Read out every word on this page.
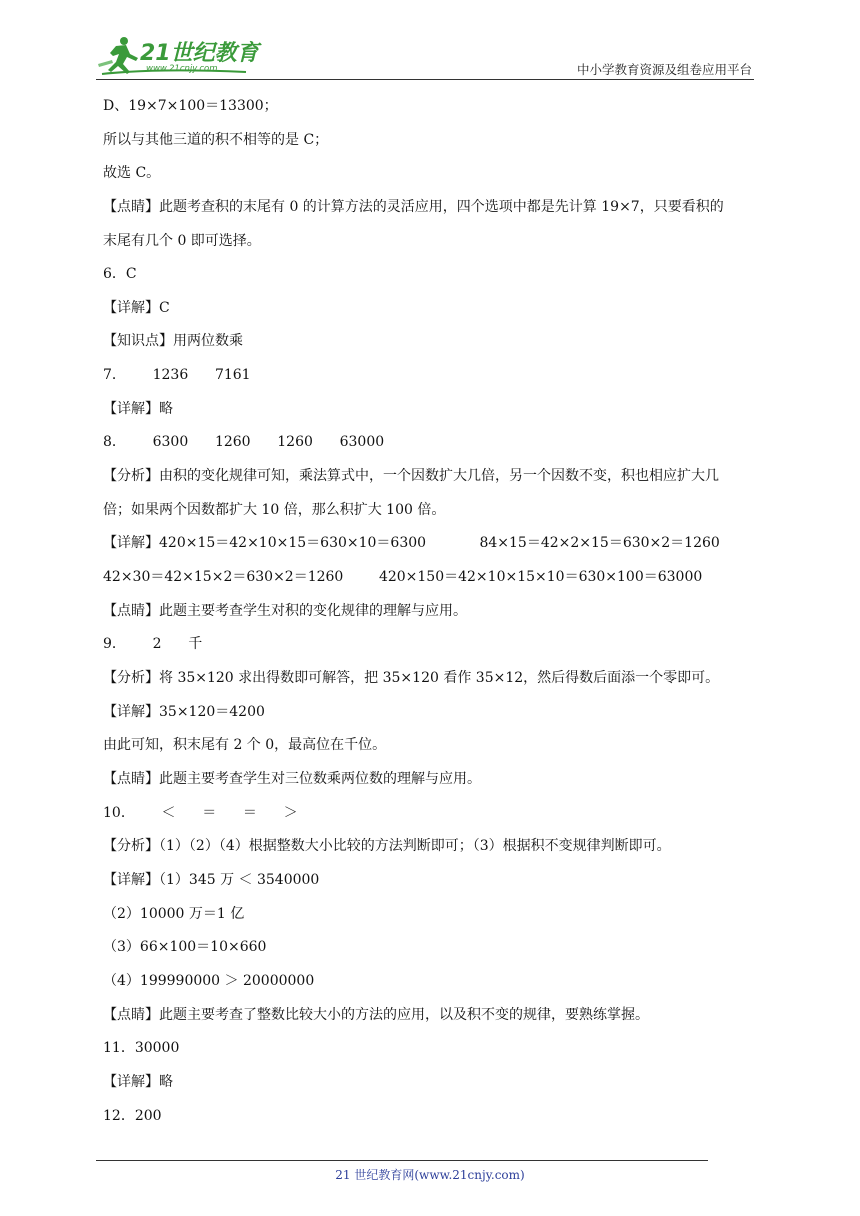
21世纪教育
www.21cnjy.com	中小学教育资源及组卷应用平台
D、19×7×100＝13300；
所以与其他三道的积不相等的是 C；
故选 C。
【点睛】此题考查积的末尾有 0 的计算方法的灵活应用，四个选项中都是先计算 19×7，只要看积的
末尾有几个 0 即可选择。
6．C
【详解】C
【知识点】用两位数乘
7．      1236      7161
【详解】略
8．      6300      1260      1260      63000
【分析】由积的变化规律可知，乘法算式中，一个因数扩大几倍，另一个因数不变，积也相应扩大几
倍；如果两个因数都扩大 10 倍，那么积扩大 100 倍。
【详解】420×15＝42×10×15＝630×10＝6300            84×15＝42×2×15＝630×2＝1260
42×30＝42×15×2＝630×2＝1260        420×150＝42×10×15×10＝630×100＝63000
【点睛】此题主要考查学生对积的变化规律的理解与应用。
9．      2      千
【分析】将 35×120 求出得数即可解答，把 35×120 看作 35×12，然后得数后面添一个零即可。
【详解】35×120＝4200
由此可知，积末尾有 2 个 0，最高位在千位。
【点睛】此题主要考查学生对三位数乘两位数的理解与应用。
10．      ＜      ＝      ＝      ＞
【分析】（1）（2）（4）根据整数大小比较的方法判断即可；（3）根据积不变规律判断即可。
【详解】（1）345 万 ＜ 3540000
（2）10000 万＝1 亿
（3）66×100＝10×660
（4）199990000 ＞ 20000000
【点睛】此题主要考查了整数比较大小的方法的应用，以及积不变的规律，要熟练掌握。
11．30000
【详解】略
12．200
21 世纪教育网(www.21cnjy.com)
